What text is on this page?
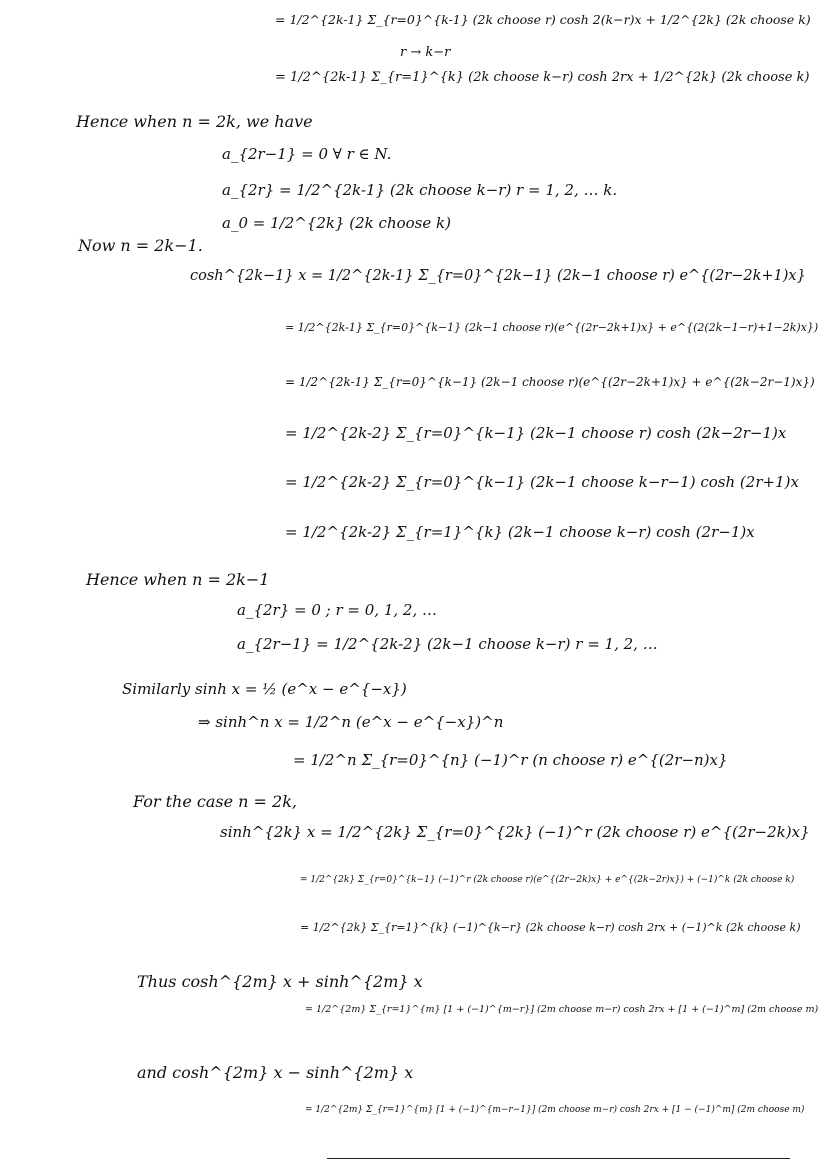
= 1/2^{2k-1} Σ_{r=0}^{k-1} (2k choose r) cosh 2(k−r)x + 1/2^{2k} (2k choose k)
r → k−r
= 1/2^{2k-1} Σ_{r=1}^{k} (2k choose k−r) cosh 2rx + 1/2^{2k} (2k choose k)
Hence when n = 2k, we have
a_{2r−1} = 0 ∀ r ∈ N.
a_{2r} = 1/2^{2k-1} (2k choose k−r) r = 1, 2, … k.
a_0 = 1/2^{2k} (2k choose k)
Now n = 2k−1.
cosh^{2k−1} x = 1/2^{2k-1} Σ_{r=0}^{2k−1} (2k−1 choose r) e^{(2r−2k+1)x}
= 1/2^{2k-1} Σ_{r=0}^{k−1} (2k−1 choose r)(e^{(2r−2k+1)x} + e^{(2(2k−1−r)+1−2k)x})
= 1/2^{2k-1} Σ_{r=0}^{k−1} (2k−1 choose r)(e^{(2r−2k+1)x} + e^{(2k−2r−1)x})
= 1/2^{2k-2} Σ_{r=0}^{k−1} (2k−1 choose r) cosh (2k−2r−1)x
= 1/2^{2k-2} Σ_{r=0}^{k−1} (2k−1 choose k−r−1) cosh (2r+1)x
= 1/2^{2k-2} Σ_{r=1}^{k} (2k−1 choose k−r) cosh (2r−1)x
Hence when n = 2k−1
a_{2r} = 0 ; r = 0, 1, 2, …
a_{2r−1} = 1/2^{2k-2} (2k−1 choose k−r) r = 1, 2, …
Similarly sinh x = ½ (e^x − e^{−x})
⇒ sinh^n x = 1/2^n (e^x − e^{−x})^n
= 1/2^n Σ_{r=0}^{n} (−1)^r (n choose r) e^{(2r−n)x}
For the case n = 2k,
sinh^{2k} x = 1/2^{2k} Σ_{r=0}^{2k} (−1)^r (2k choose r) e^{(2r−2k)x}
= 1/2^{2k} Σ_{r=0}^{k−1} (−1)^r (2k choose r)(e^{(2r−2k)x} + e^{(2k−2r)x}) + (−1)^k (2k choose k)
= 1/2^{2k} Σ_{r=1}^{k} (−1)^{k−r} (2k choose k−r) cosh 2rx + (−1)^k (2k choose k)
Thus cosh^{2m} x + sinh^{2m} x
= 1/2^{2m} Σ_{r=1}^{m} [1 + (−1)^{m−r}] (2m choose m−r) cosh 2rx + [1 + (−1)^m] (2m choose m)
and cosh^{2m} x − sinh^{2m} x
= 1/2^{2m} Σ_{r=1}^{m} [1 + (−1)^{m−r−1}] (2m choose m−r) cosh 2rx + [1 − (−1)^m] (2m choose m)
